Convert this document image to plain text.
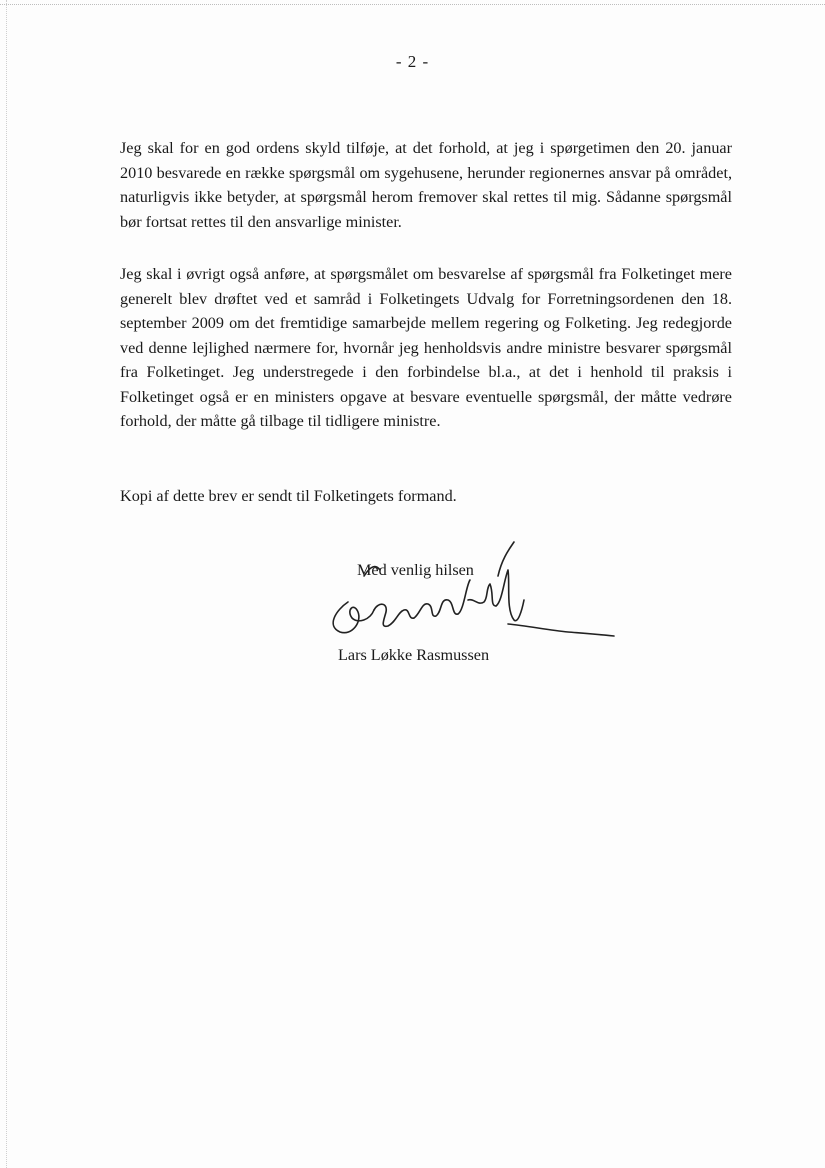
- 2 -

Jeg skal for en god ordens skyld tilføje, at det forhold, at jeg i spørgetimen den 20. januar 2010 besvarede en række spørgsmål om sygehusene, herunder regionernes ansvar på området, naturligvis ikke betyder, at spørgsmål herom fremover skal rettes til mig. Sådanne spørgsmål bør fortsat rettes til den ansvarlige minister.

Jeg skal i øvrigt også anføre, at spørgsmålet om besvarelse af spørgsmål fra Folketinget mere generelt blev drøftet ved et samråd i Folketingets Udvalg for Forretningsordenen den 18. september 2009 om det fremtidige samarbejde mellem regering og Folketing. Jeg redegjorde ved denne lejlighed nærmere for, hvornår jeg henholdsvis andre ministre besvarer spørgsmål fra Folketinget. Jeg understregede i den forbindelse bl.a., at det i henhold til praksis i Folketinget også er en ministers opgave at besvare eventuelle spørgsmål, der måtte vedrøre forhold, der måtte gå tilbage til tidligere ministre.

Kopi af dette brev er sendt til Folketingets formand.

Med venlig hilsen
Lars Løkke Rasmussen
